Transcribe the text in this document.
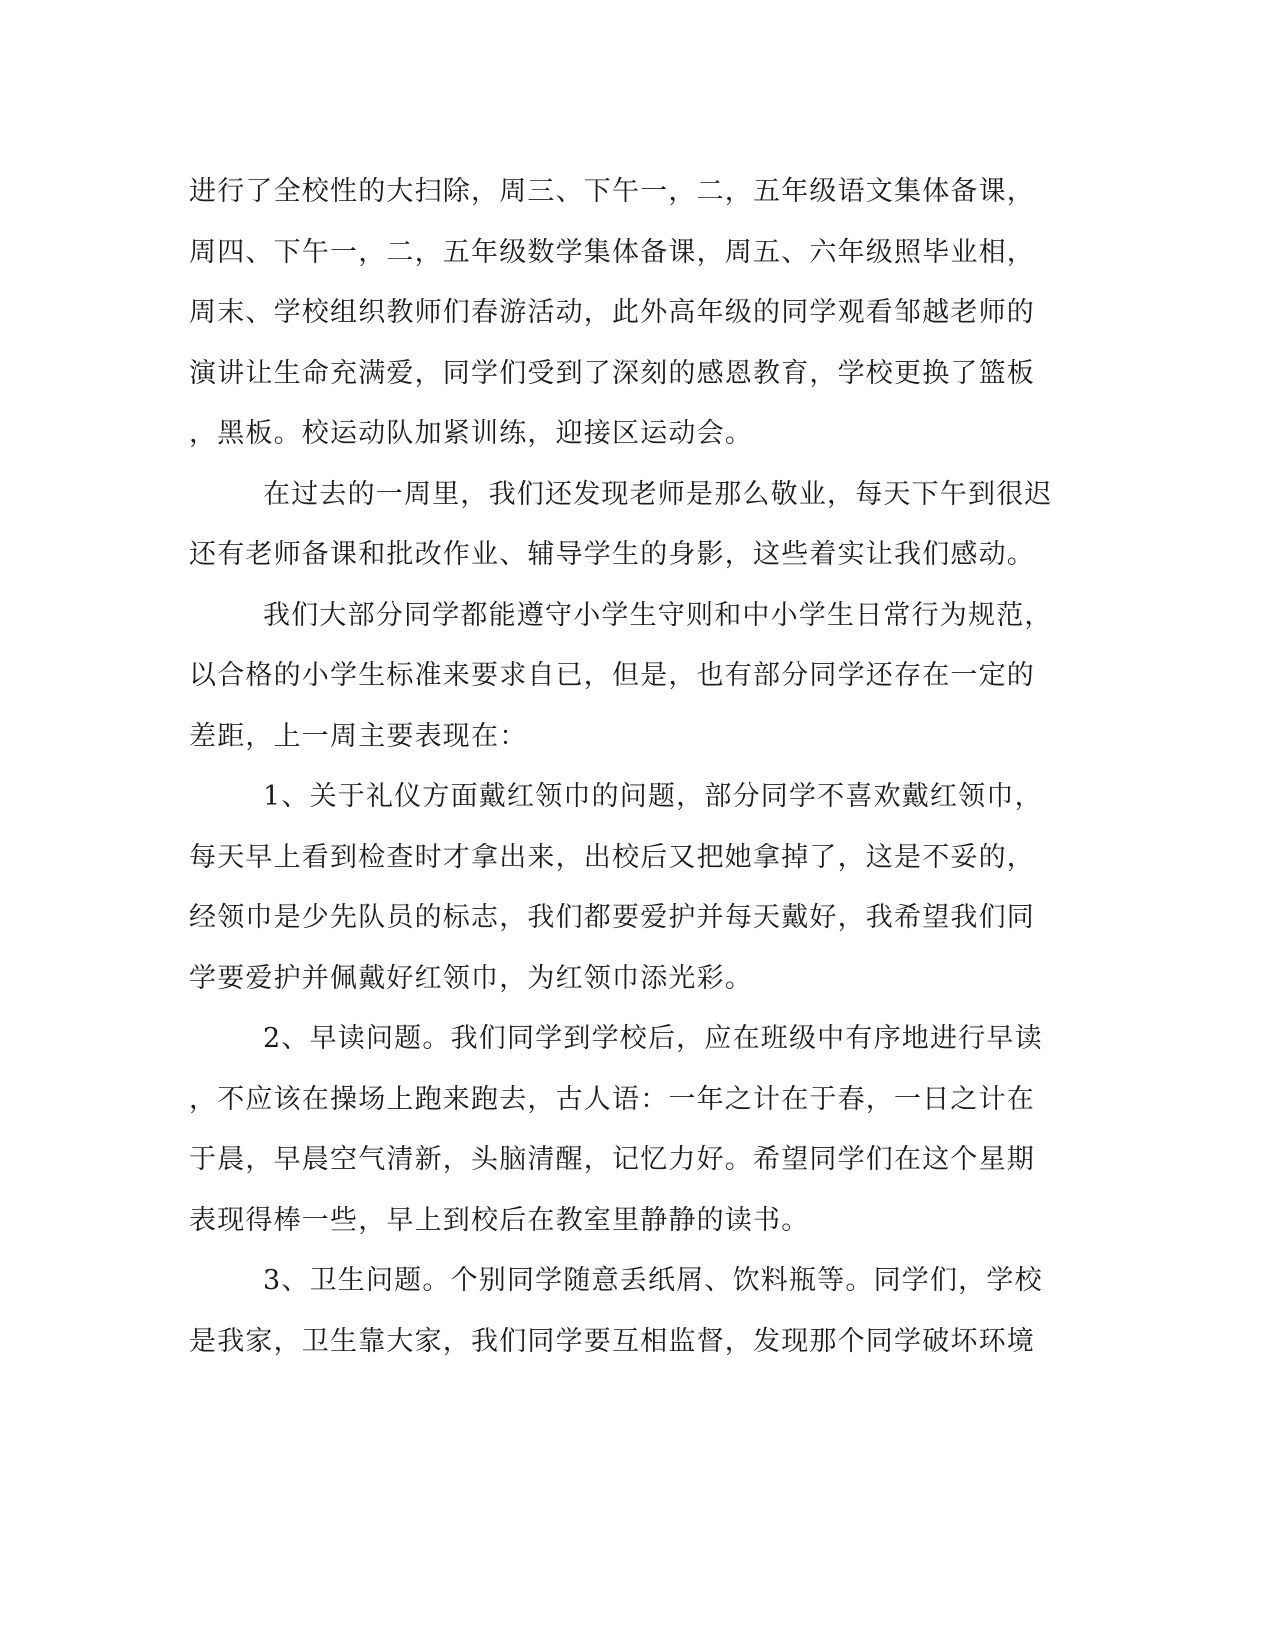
进行了全校性的大扫除，周三、下午一，二，五年级语文集体备课，
周四、下午一，二，五年级数学集体备课，周五、六年级照毕业相，
周末、学校组织教师们春游活动，此外高年级的同学观看邹越老师的
演讲让生命充满爱，同学们受到了深刻的感恩教育，学校更换了篮板
，黑板。校运动队加紧训练，迎接区运动会。
在过去的一周里，我们还发现老师是那么敬业，每天下午到很迟
还有老师备课和批改作业、辅导学生的身影，这些着实让我们感动。
我们大部分同学都能遵守小学生守则和中小学生日常行为规范，
以合格的小学生标准来要求自已，但是，也有部分同学还存在一定的
差距，上一周主要表现在：
1、关于礼仪方面戴红领巾的问题，部分同学不喜欢戴红领巾，
每天早上看到检查时才拿出来，出校后又把她拿掉了，这是不妥的，
经领巾是少先队员的标志，我们都要爱护并每天戴好，我希望我们同
学要爱护并佩戴好红领巾，为红领巾添光彩。
2、早读问题。我们同学到学校后，应在班级中有序地进行早读
，不应该在操场上跑来跑去，古人语：一年之计在于春，一日之计在
于晨，早晨空气清新，头脑清醒，记忆力好。希望同学们在这个星期
表现得棒一些，早上到校后在教室里静静的读书。
3、卫生问题。个别同学随意丢纸屑、饮料瓶等。同学们，学校
是我家，卫生靠大家，我们同学要互相监督，发现那个同学破坏环境
